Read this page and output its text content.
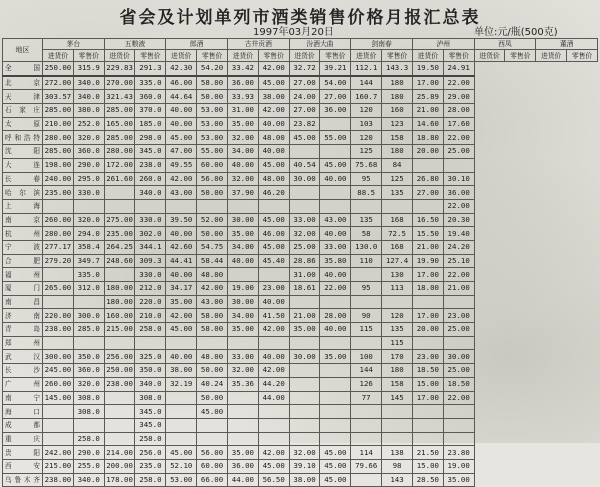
省会及计划单列市酒类销售价格月报汇总表
1997年03月20日	单位:元/瓶(500克)
地区	茅台		五粮液		郎酒		古井贡酒		汾酒大曲		剑南春		泸州		西凤		董酒	
	进货价	零售价	进货价	零售价	进货价	零售价	进货价	零售价	进货价	零售价	进货价	零售价	进货价	零售价	进货价	零售价	进货价	零售价
全国	250.00	315.9	229.83	291.3	42.30	54.20	33.42	42.00	32.72	39.21	112.1	143.3	19.50	24.91				
北京	272.00	340.0	270.00	335.0	46.00	58.00	36.00	45.00	27.00	54.00	144	180	17.00	22.00				
天津	303.57	340.0	321.43	360.0	44.64	50.00	33.93	38.00	24.00	27.00	160.7	180	25.89	29.00				
石家庄	285.00	380.0	285.00	370.0	40.00	53.00	31.00	42.00	27.00	36.00	120	160	21.00	28.00				
太原	210.00	252.0	165.00	185.0	40.00	53.00	35.00	40.00	23.82		103	123	14.60	17.60				
呼和浩特	280.00	320.0	285.00	298.0	45.00	53.00	32.00	48.00	45.00	55.00	120	158	18.80	22.00				
沈阳	285.00	360.0	280.00	345.0	47.00	55.00	34.00	40.00			125	180	20.00	25.00				
大连	198.00	290.0	172.00	238.0	49.55	60.00	40.00	45.00	40.54	45.00	75.68	84						
长春	240.00	295.0	261.60	260.0	42.00	56.00	32.00	48.00	30.00	40.00	95	125	26.80	30.10				
哈尔滨	235.00	330.0		340.0	43.00	50.00	37.90	46.20			88.5	135	27.00	36.00				
上海														22.00				
南京	260.00	320.0	275.00	330.0	39.50	52.00	30.00	45.00	33.00	43.00	135	168	16.50	20.30				
杭州	280.00	294.0	235.00	302.0	40.00	50.00	35.00	46.00	32.00	40.00	58	72.5	15.50	19.40				
宁波	277.17	358.4	264.25	344.1	42.60	54.75	34.00	45.00	25.00	33.00	130.0	168	21.00	24.20				
合肥	279.20	349.7	248.60	309.3	44.41	58.44	40.00	45.40	28.86	35.80	110	127.4	19.90	25.10				
福州		335.0		330.0	40.00	48.00			31.00	40.00		130	17.00	22.00				
厦门	265.00	312.0	180.00	212.0	34.17	42.00	19.00	23.00	18.61	22.00	95	113	18.00	21.00				
南昌			180.00	220.0	35.00	43.00	30.00	40.00										
济南	220.00	300.0	160.00	210.0	42.00	58.00	34.00	41.50	21.00	28.00	90	120	17.00	23.00				
青岛	238.00	285.0	215.00	258.0	45.00	58.00	35.00	42.00	35.00	40.00	115	135	20.00	25.00				
郑州												115						
武汉	300.00	350.0	256.00	325.0	40.00	48.00	33.00	40.00	30.00	35.00	100	170	23.00	30.00				
长沙	245.00	360.0	250.00	350.0	38.00	50.00	32.00	42.00			144	180	18.50	25.00				
广州	260.00	320.0	238.00	340.0	32.19	40.24	35.36	44.20			126	158	15.00	18.50				
南宁	145.00	308.0		308.0		50.00		44.00			77	145	17.00	22.00				
海口		308.0		345.0		45.00												
成都				345.0														
重庆		258.0		258.0														
贵阳	242.00	290.0	214.00	256.0	45.00	56.00	35.00	42.00	32.00	45.00	114	138	21.50	23.80				
西安	215.00	255.0	200.00	235.0	52.10	60.00	36.00	45.00	39.10	45.00	79.66	98	15.00	19.00				
乌鲁木齐	238.00	340.0	178.00	258.0	53.00	66.00	44.00	56.50	38.00	45.00		143	28.50	35.00				
